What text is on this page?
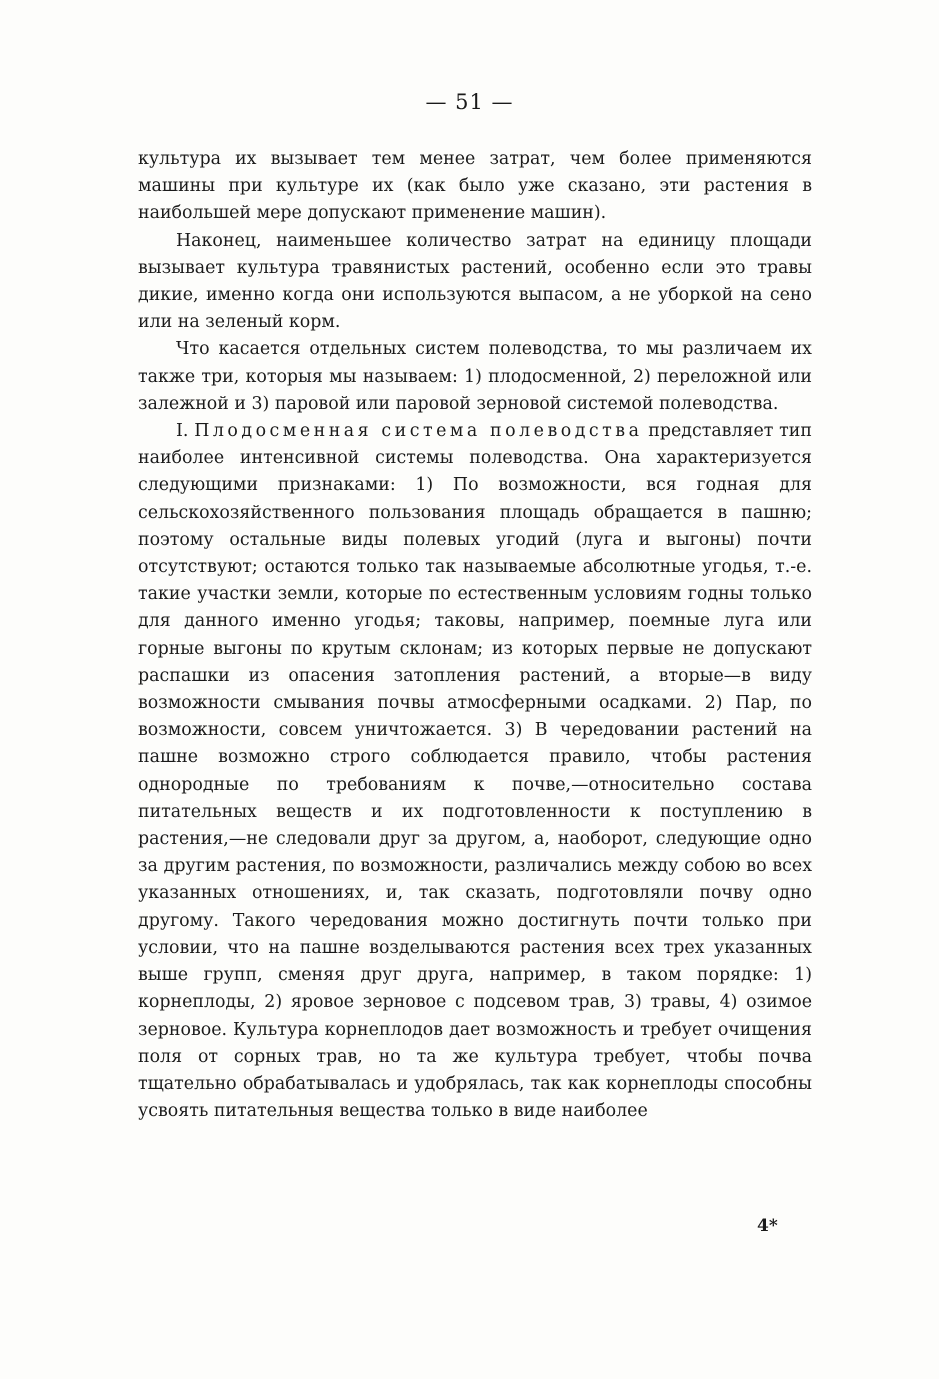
— 51 —

культура их вызывает тем менее затрат, чем более применяются машины при культуре их (как было уже сказано, эти растения в наибольшей мере допускают применение машин).

Наконец, наименьшее количество затрат на единицу площади вызывает культура травянистых растений, особенно если это травы дикие, именно когда они используются выпасом, а не уборкой на сено или на зеленый корм.

Что касается отдельных систем полеводства, то мы различаем их также три, которыя мы называем: 1) плодосменной, 2) переложной или залежной и 3) паровой или паровой зерновой системой полеводства.

I. Плодосменная система полеводства представляет тип наиболее интенсивной системы полеводства. Она характеризуется следующими признаками: 1) По возможности, вся годная для сельскохозяйственного пользования площадь обращается в пашню; поэтому остальные виды полевых угодий (луга и выгоны) почти отсутствуют; остаются только так называемые абсолютные угодья, т.-е. такие участки земли, которые по естественным условиям годны только для данного именно угодья; таковы, например, поемные луга или горные выгоны по крутым склонам; из которых первые не допускают распашки из опасения затопления растений, а вторые—в виду возможности смывания почвы атмосферными осадками. 2) Пар, по возможности, совсем уничтожается. 3) В чередовании растений на пашне возможно строго соблюдается правило, чтобы растения однородные по требованиям к почве,—относительно состава питательных веществ и их подготовленности к поступлению в растения,—не следовали друг за другом, а, наоборот, следующие одно за другим растения, по возможности, различались между собою во всех указанных отношениях, и, так сказать, подготовляли почву одно другому. Такого чередования можно достигнуть почти только при условии, что на пашне возделываются растения всех трех указанных выше групп, сменяя друг друга, например, в таком порядке: 1) корнеплоды, 2) яровое зерновое с подсевом трав, 3) травы, 4) озимое зерновое. Культура корнеплодов дает возможность и требует очищения поля от сорных трав, но та же культура требует, чтобы почва тщательно обрабатывалась и удобрялась, так как корнеплоды способны усвоять питательныя вещества только в виде наиболее

4*
